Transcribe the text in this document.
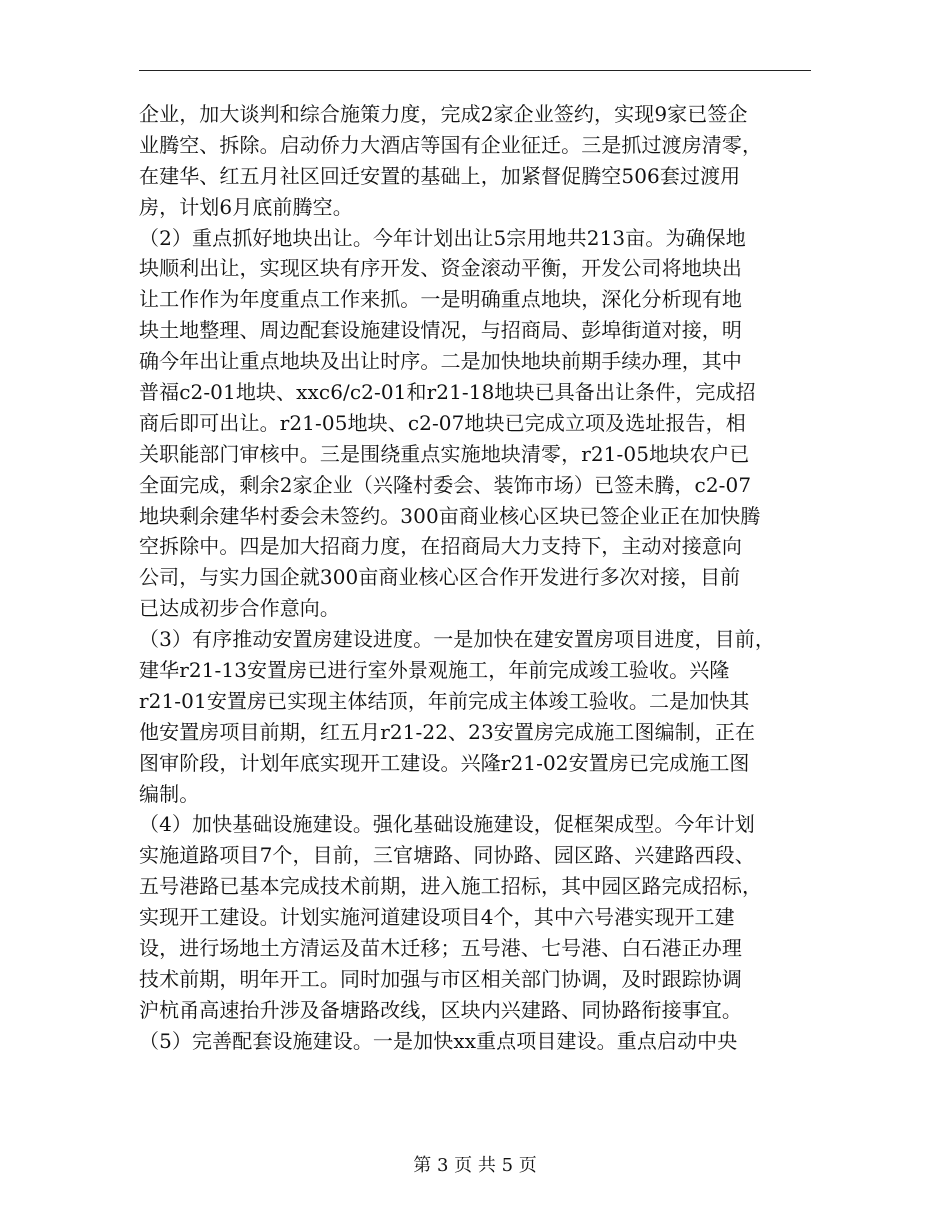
企业，加大谈判和综合施策力度，完成2家企业签约，实现9家已签企
业腾空、拆除。启动侨力大酒店等国有企业征迁。三是抓过渡房清零，
在建华、红五月社区回迁安置的基础上，加紧督促腾空506套过渡用
房，计划6月底前腾空。
（2）重点抓好地块出让。今年计划出让5宗用地共213亩。为确保地
块顺利出让，实现区块有序开发、资金滚动平衡，开发公司将地块出
让工作作为年度重点工作来抓。一是明确重点地块，深化分析现有地
块土地整理、周边配套设施建设情况，与招商局、彭埠街道对接，明
确今年出让重点地块及出让时序。二是加快地块前期手续办理，其中
普福c2-01地块、xxc6/c2-01和r21-18地块已具备出让条件，完成招
商后即可出让。r21-05地块、c2-07地块已完成立项及选址报告，相
关职能部门审核中。三是围绕重点实施地块清零，r21-05地块农户已
全面完成，剩余2家企业（兴隆村委会、装饰市场）已签未腾，c2-07
地块剩余建华村委会未签约。300亩商业核心区块已签企业正在加快腾
空拆除中。四是加大招商力度，在招商局大力支持下，主动对接意向
公司，与实力国企就300亩商业核心区合作开发进行多次对接，目前
已达成初步合作意向。
（3）有序推动安置房建设进度。一是加快在建安置房项目进度，目前，
建华r21-13安置房已进行室外景观施工，年前完成竣工验收。兴隆
r21-01安置房已实现主体结顶，年前完成主体竣工验收。二是加快其
他安置房项目前期，红五月r21-22、23安置房完成施工图编制，正在
图审阶段，计划年底实现开工建设。兴隆r21-02安置房已完成施工图
编制。
（4）加快基础设施建设。强化基础设施建设，促框架成型。今年计划
实施道路项目7个，目前，三官塘路、同协路、园区路、兴建路西段、
五号港路已基本完成技术前期，进入施工招标，其中园区路完成招标，
实现开工建设。计划实施河道建设项目4个，其中六号港实现开工建
设，进行场地土方清运及苗木迁移；五号港、七号港、白石港正办理
技术前期，明年开工。同时加强与市区相关部门协调，及时跟踪协调
沪杭甬高速抬升涉及备塘路改线，区块内兴建路、同协路衔接事宜。
（5）完善配套设施建设。一是加快xx重点项目建设。重点启动中央
第 3 页 共 5 页
